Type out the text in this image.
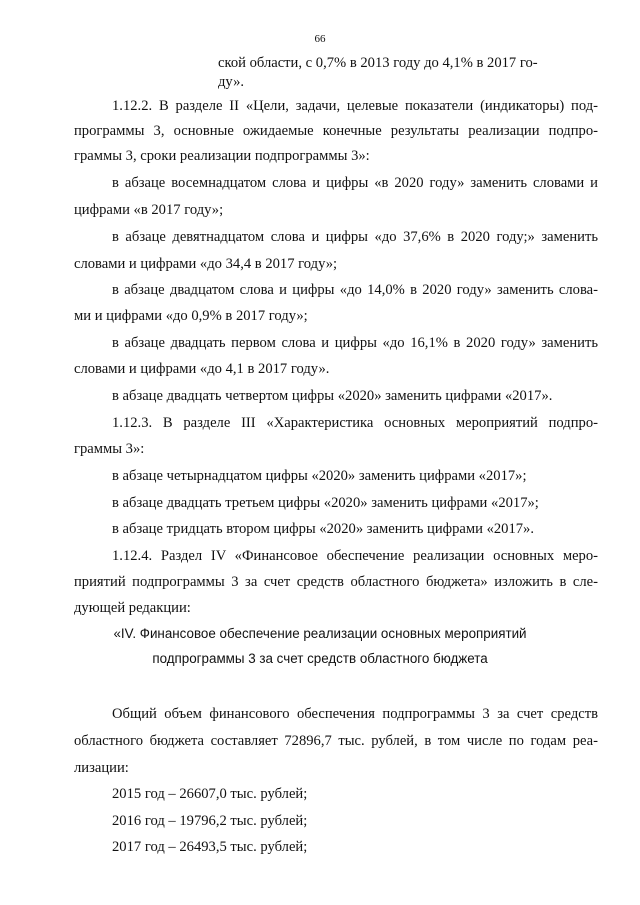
66
ской области, с 0,7% в 2013 году до 4,1% в 2017 го-
ду».
1.12.2. В разделе II «Цели, задачи, целевые показатели (индикаторы) под-
программы 3, основные ожидаемые конечные результаты реализации подпро-
граммы 3, сроки реализации подпрограммы 3»:
в абзаце восемнадцатом слова и цифры «в 2020 году» заменить словами и
цифрами «в 2017 году»;
в абзаце девятнадцатом слова и цифры «до 37,6% в 2020 году;» заменить
словами и цифрами «до 34,4 в 2017 году»;
в абзаце двадцатом слова и цифры «до 14,0% в 2020 году» заменить слова-
ми и цифрами «до 0,9% в 2017 году»;
в абзаце двадцать первом слова и цифры «до 16,1% в 2020 году» заменить
словами и цифрами «до 4,1 в 2017 году».
в абзаце двадцать четвертом цифры «2020» заменить цифрами «2017».
1.12.3. В разделе III «Характеристика основных мероприятий подпро-
граммы 3»:
в абзаце четырнадцатом цифры «2020» заменить цифрами «2017»;
в абзаце двадцать третьем цифры «2020» заменить цифрами «2017»;
в абзаце тридцать втором цифры «2020» заменить цифрами «2017».
1.12.4. Раздел IV «Финансовое обеспечение реализации основных меро-
приятий подпрограммы 3 за счет средств областного бюджета» изложить в сле-
дующей редакции:
«IV. Финансовое обеспечение реализации основных мероприятий
подпрограммы 3 за счет средств областного бюджета
Общий объем финансового обеспечения подпрограммы 3 за счет средств
областного бюджета составляет 72896,7 тыс. рублей, в том числе по годам реа-
лизации:
2015 год – 26607,0 тыс. рублей;
2016 год – 19796,2 тыс. рублей;
2017 год – 26493,5 тыс. рублей;
